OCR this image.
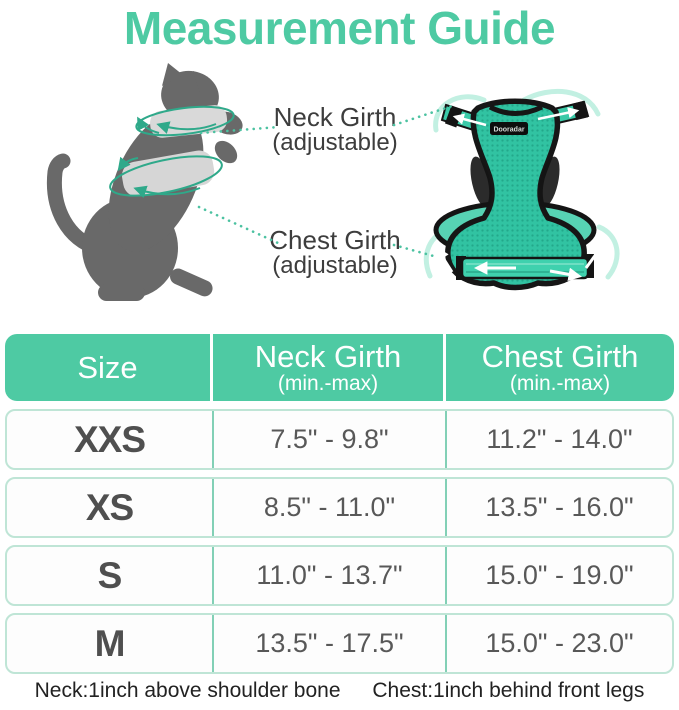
Measurement Guide
Neck Girth
(adjustable)
Chest Girth
(adjustable)
Dooradar
Size	Neck Girth
(min.-max)
Chest Girth
(min.-max)
XXS	7.5" - 9.8"	11.2" - 14.0"
XS	8.5" - 11.0"	13.5" - 16.0"
S	11.0" - 13.7"	15.0" - 19.0"
M	13.5" - 17.5"	15.0" - 23.0"
Neck:1inch above shoulder bone Chest:1inch behind front legs
